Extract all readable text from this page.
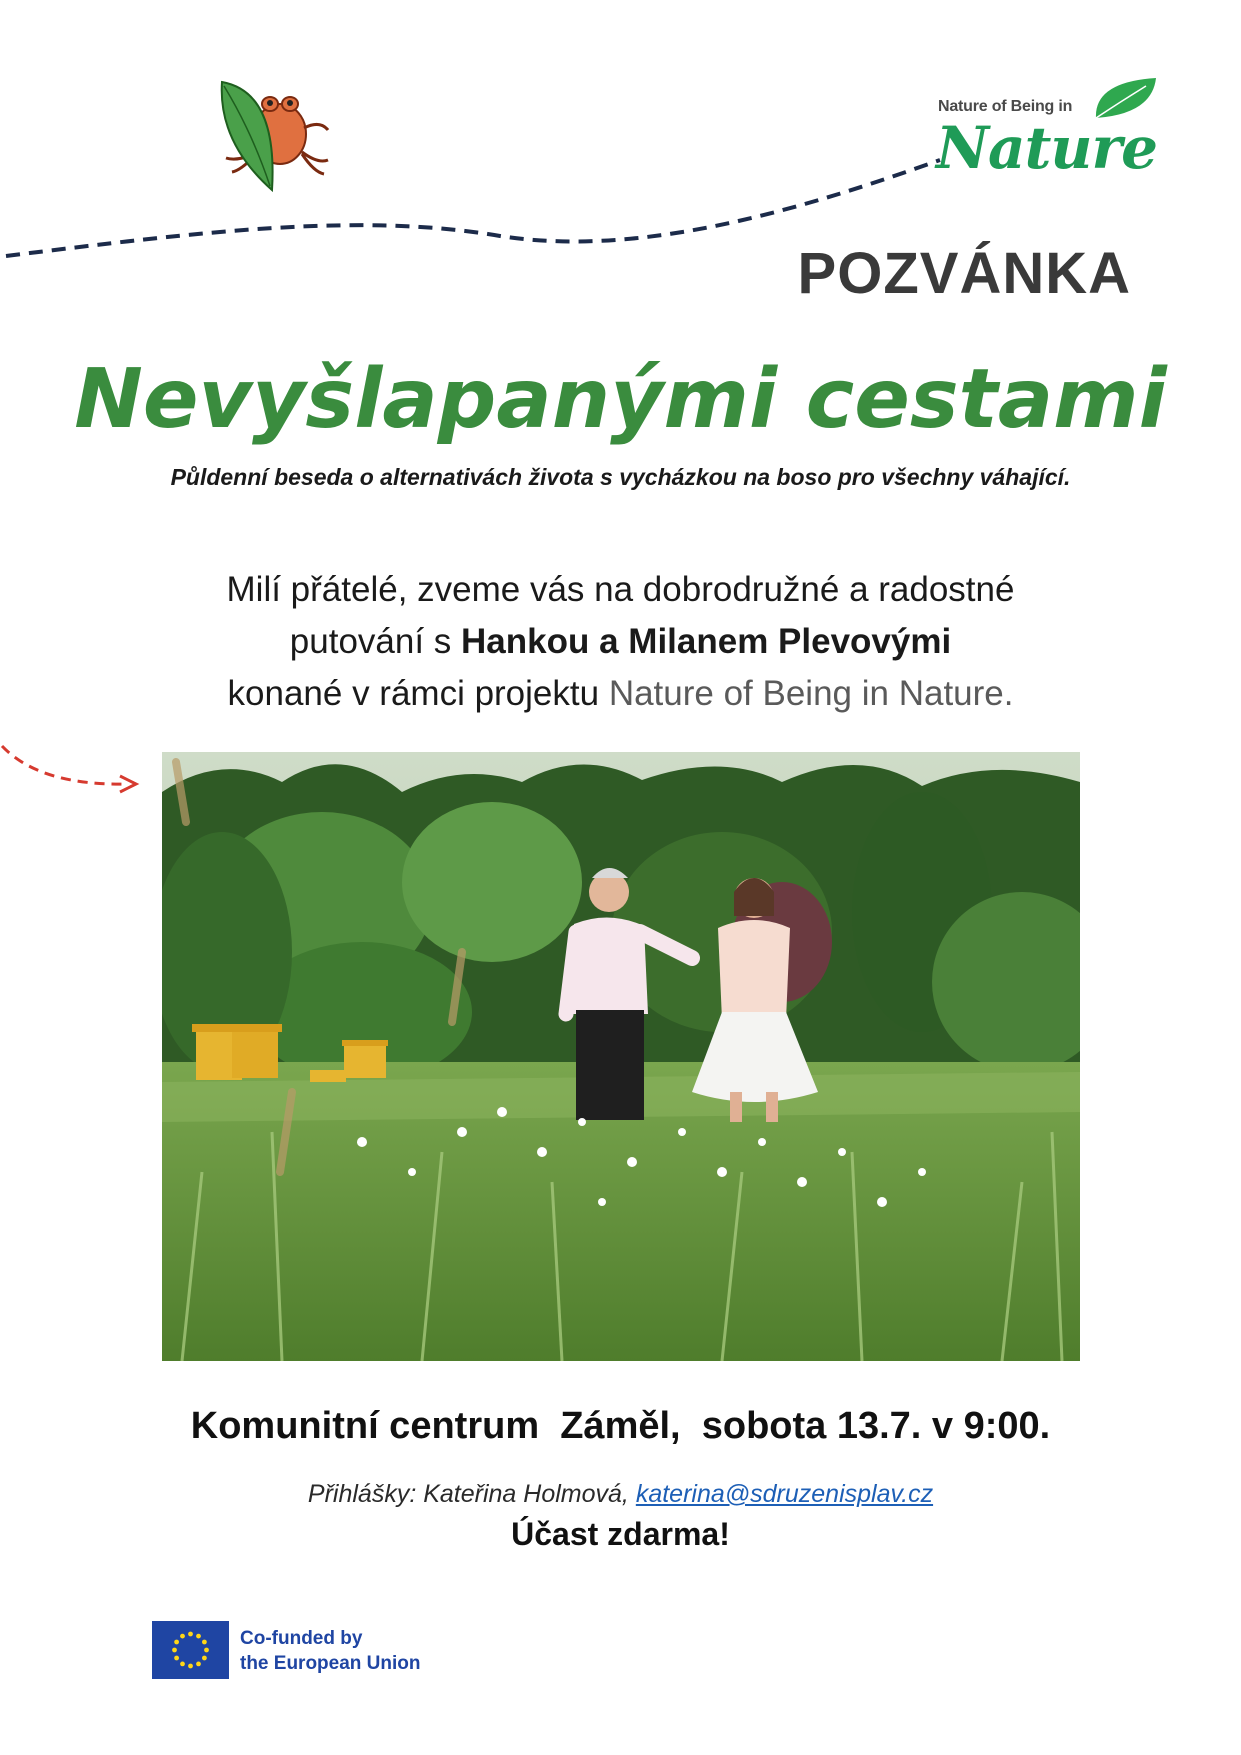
Nature of Being in
Nature
POZVÁNKA
Nevyšlapanými cestami
Půldenní beseda o alternativách života s vycházkou na boso pro všechny váhající.
Milí přátelé, zveme vás na dobrodružné a radostné
putování s Hankou a Milanem Plevovými
konané v rámci projektu Nature of Being in Nature.
Komunitní centrum  Záměl,  sobota 13.7. v 9:00.
Přihlášky: Kateřina Holmová, katerina@sdruzenisplav.cz
Účast zdarma!
Co-funded by
the European Union
